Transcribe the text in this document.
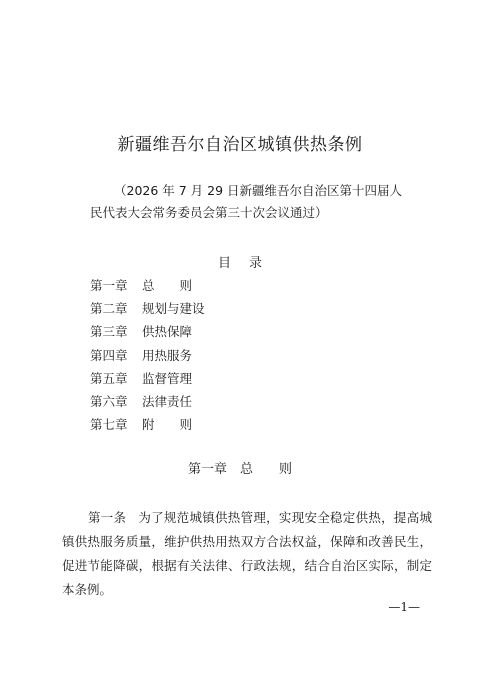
新疆维吾尔自治区城镇供热条例
（2026 年 7 月 29 日新疆维吾尔自治区第十四届人
民代表大会常务委员会第三十次会议通过）
目 录
第一章 总　　则
第二章 规划与建设
第三章 供热保障
第四章 用热服务
第五章 监督管理
第六章 法律责任
第七章 附　　则
第一章　总　　则
第一条 为了规范城镇供热管理，实现安全稳定供热，提高城镇供热服务质量，维护供热用热双方合法权益，保障和改善民生，促进节能降碳，根据有关法律、行政法规，结合自治区实际，制定本条例。
—1—
